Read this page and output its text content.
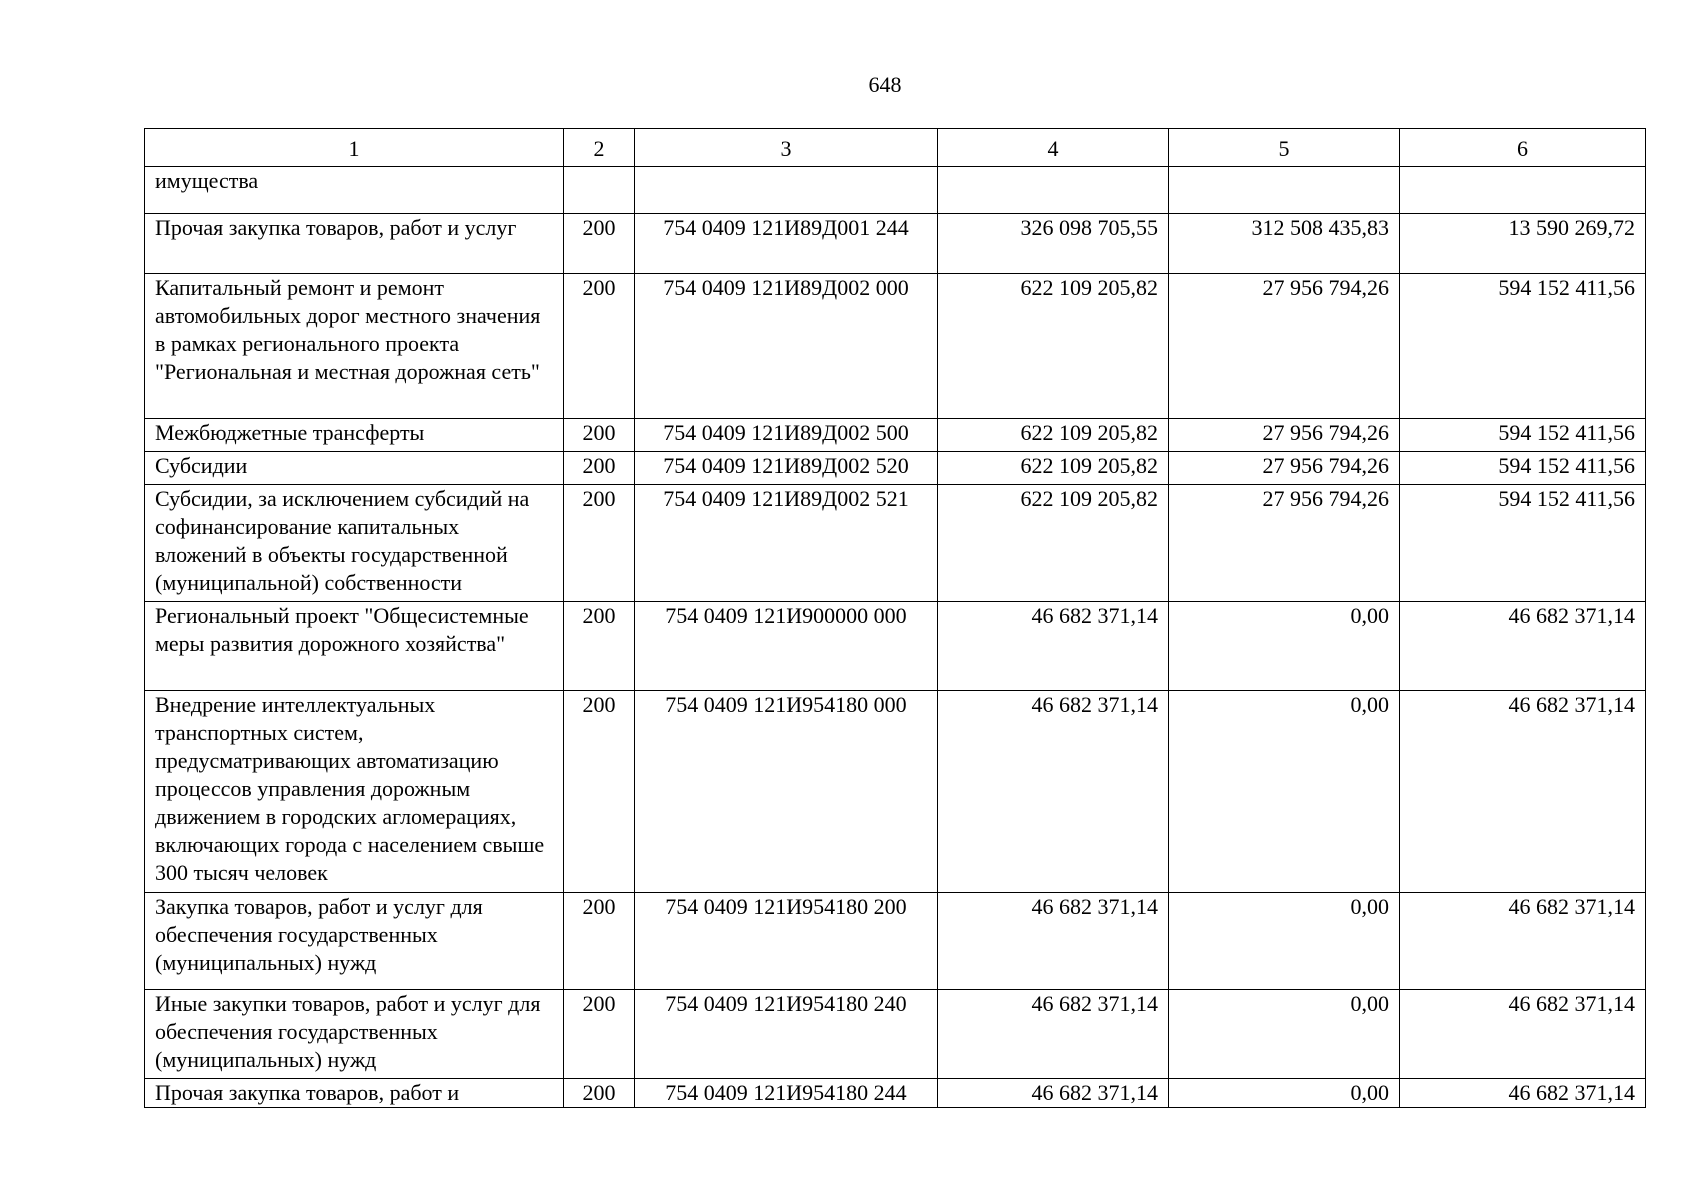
648
1	2	3	4	5	6
имущества					
Прочая закупка товаров, работ и услуг	200	754 0409 121И89Д001 244	326 098 705,55	312 508 435,83	13 590 269,72
Капитальный ремонт и ремонт автомобильных дорог местного значения в рамках регионального проекта "Региональная и местная дорожная сеть"	200	754 0409 121И89Д002 000	622 109 205,82	27 956 794,26	594 152 411,56
Межбюджетные трансферты	200	754 0409 121И89Д002 500	622 109 205,82	27 956 794,26	594 152 411,56
Субсидии	200	754 0409 121И89Д002 520	622 109 205,82	27 956 794,26	594 152 411,56
Субсидии, за исключением субсидий на софинансирование капитальных вложений в объекты государственной (муниципальной) собственности	200	754 0409 121И89Д002 521	622 109 205,82	27 956 794,26	594 152 411,56
Региональный проект "Общесистемные меры развития дорожного хозяйства"	200	754 0409 121И900000 000	46 682 371,14	0,00	46 682 371,14
Внедрение интеллектуальных транспортных систем, предусматривающих автоматизацию процессов управления дорожным движением в городских агломерациях, включающих города с населением свыше 300 тысяч человек	200	754 0409 121И954180 000	46 682 371,14	0,00	46 682 371,14
Закупка товаров, работ и услуг для обеспечения государственных (муниципальных) нужд	200	754 0409 121И954180 200	46 682 371,14	0,00	46 682 371,14
Иные закупки товаров, работ и услуг для обеспечения государственных (муниципальных) нужд	200	754 0409 121И954180 240	46 682 371,14	0,00	46 682 371,14
Прочая закупка товаров, работ и	200	754 0409 121И954180 244	46 682 371,14	0,00	46 682 371,14
